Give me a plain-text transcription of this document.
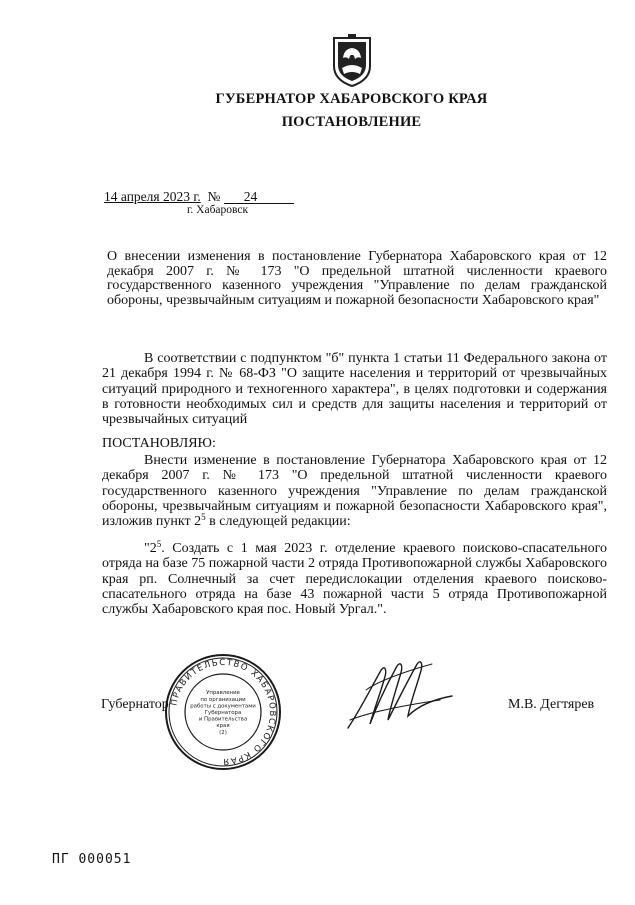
ГУБЕРНАТОР ХАБАРОВСКОГО КРАЯ
ПОСТАНОВЛЕНИЕ
14 апреля 2023 г. № 24
г. Хабаровск
О внесении изменения в постановление Губернатора Хабаровского края от 12 декабря 2007 г. № 173 "О предельной штатной численности краевого государственного казенного учреждения "Управление по делам гражданской обороны, чрезвычайным ситуациям и пожарной безопасности Хабаровского края"

В соответствии с подпунктом "б" пункта 1 статьи 11 Федерального закона от 21 декабря 1994 г. № 68-ФЗ "О защите населения и территорий от чрезвычайных ситуаций природного и техногенного характера", в целях подготовки и содержания в готовности необходимых сил и средств для защиты населения и территорий от чрезвычайных ситуаций

ПОСТАНОВЛЯЮ:

Внести изменение в постановление Губернатора Хабаровского края от 12 декабря 2007 г. № 173 "О предельной штатной численности краевого государственного казенного учреждения "Управление по делам гражданской обороны, чрезвычайным ситуациям и пожарной безопасности Хабаровского края", изложив пункт $2^5$ в следующей редакции:

"$2^5$. Создать с 1 мая 2023 г. отделение краевого поисково-спасательного отряда на базе 75 пожарной части 2 отряда Противопожарной службы Хабаровского края рп. Солнечный за счет передислокации отделения краевого поисково-спасательного отряда на базе 43 пожарной части 5 отряда Противопожарной службы Хабаровского края пос. Новый Ургал.".

ПРАВИТЕЛЬСТВО ХАБАРОВСКОГО КРАЯ
Управление
по организации
работы с документами
Губернатора
и Правительства
края
(2)
Губернатор	М.В. Дегтярев
ПГ 000051
